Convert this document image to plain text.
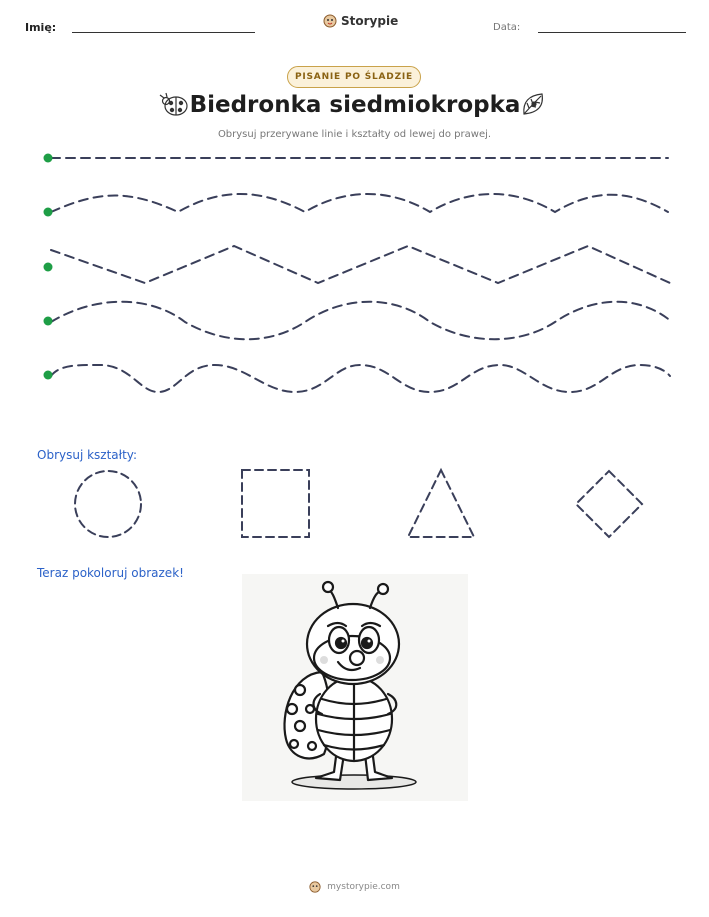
Imię:	Storypie	Data:
PISANIE PO ŚLADZIE
Biedronka siedmiokropka
Obrysuj przerywane linie i kształty od lewej do prawej.
Obrysuj kształty:
Teraz pokoloruj obrazek!
mystorypie.com
